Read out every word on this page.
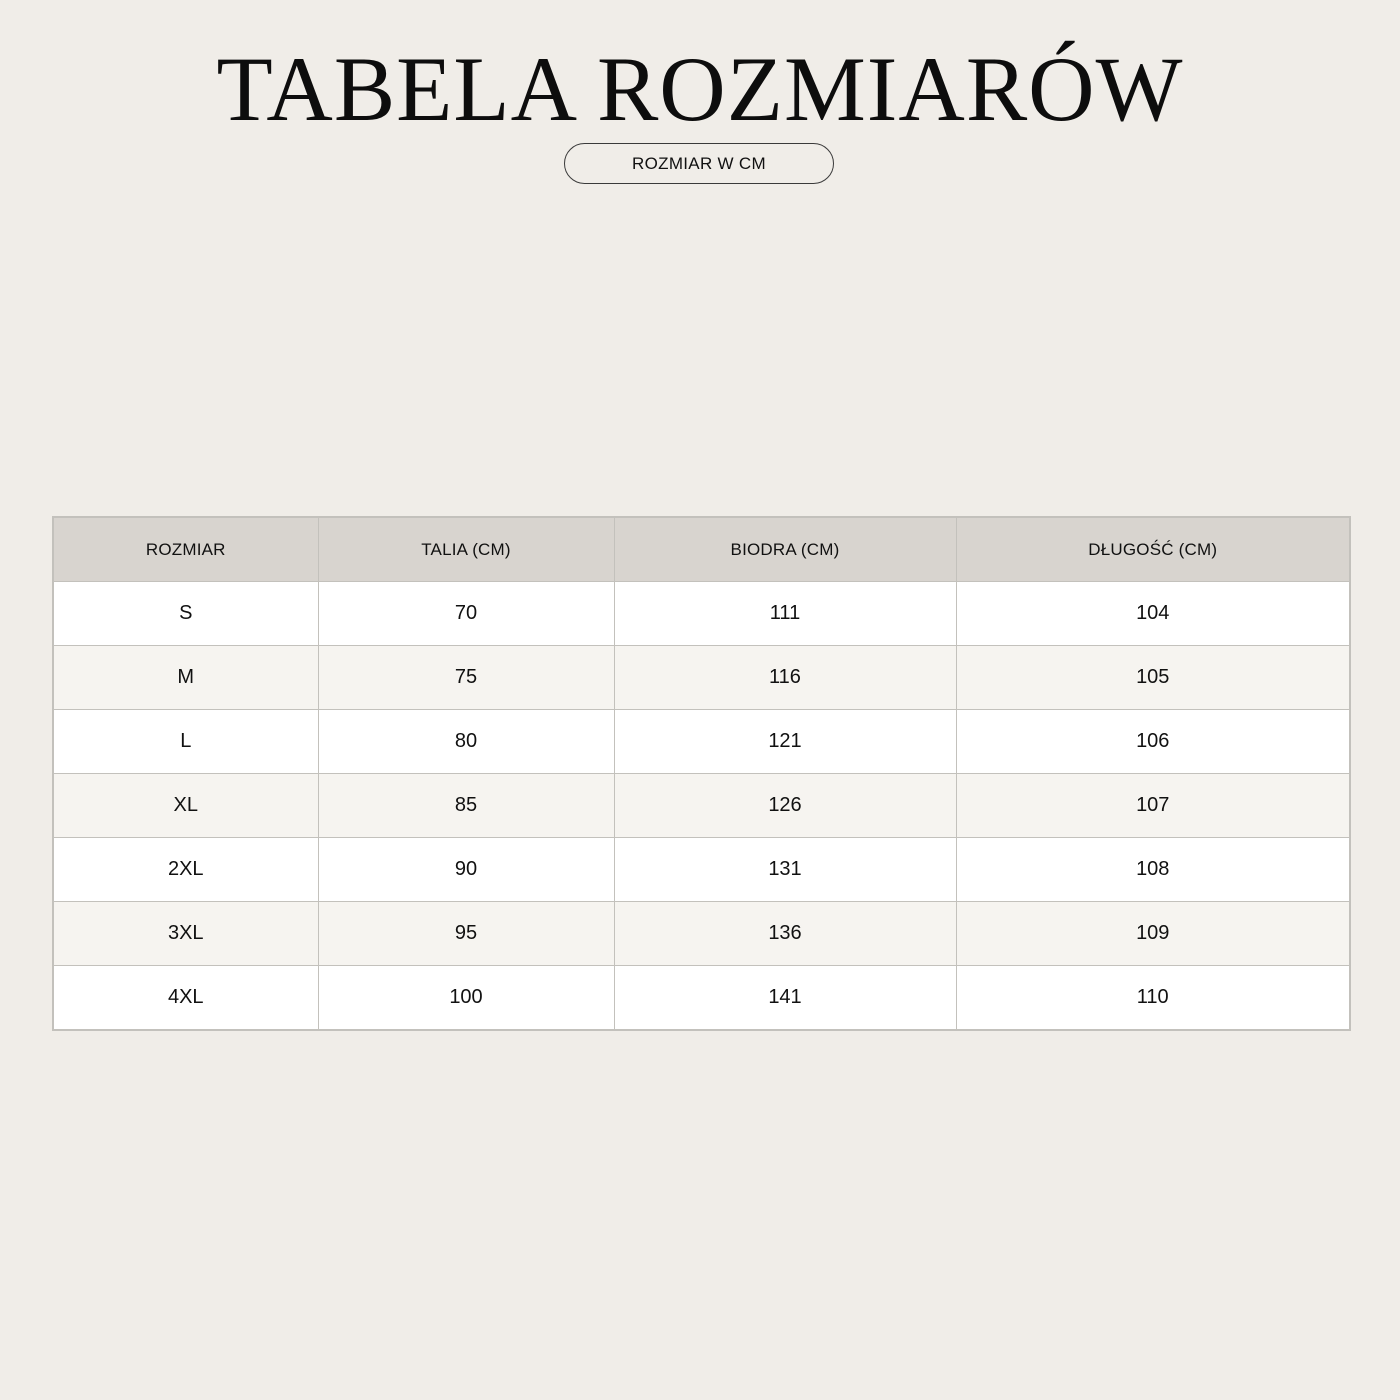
TABELA ROZMIARÓW
ROZMIAR W CM
ROZMIAR	TALIA (CM)	BIODRA (CM)	DŁUGOŚĆ (CM)
S	70	111	104
M	75	116	105
L	80	121	106
XL	85	126	107
2XL	90	131	108
3XL	95	136	109
4XL	100	141	110
